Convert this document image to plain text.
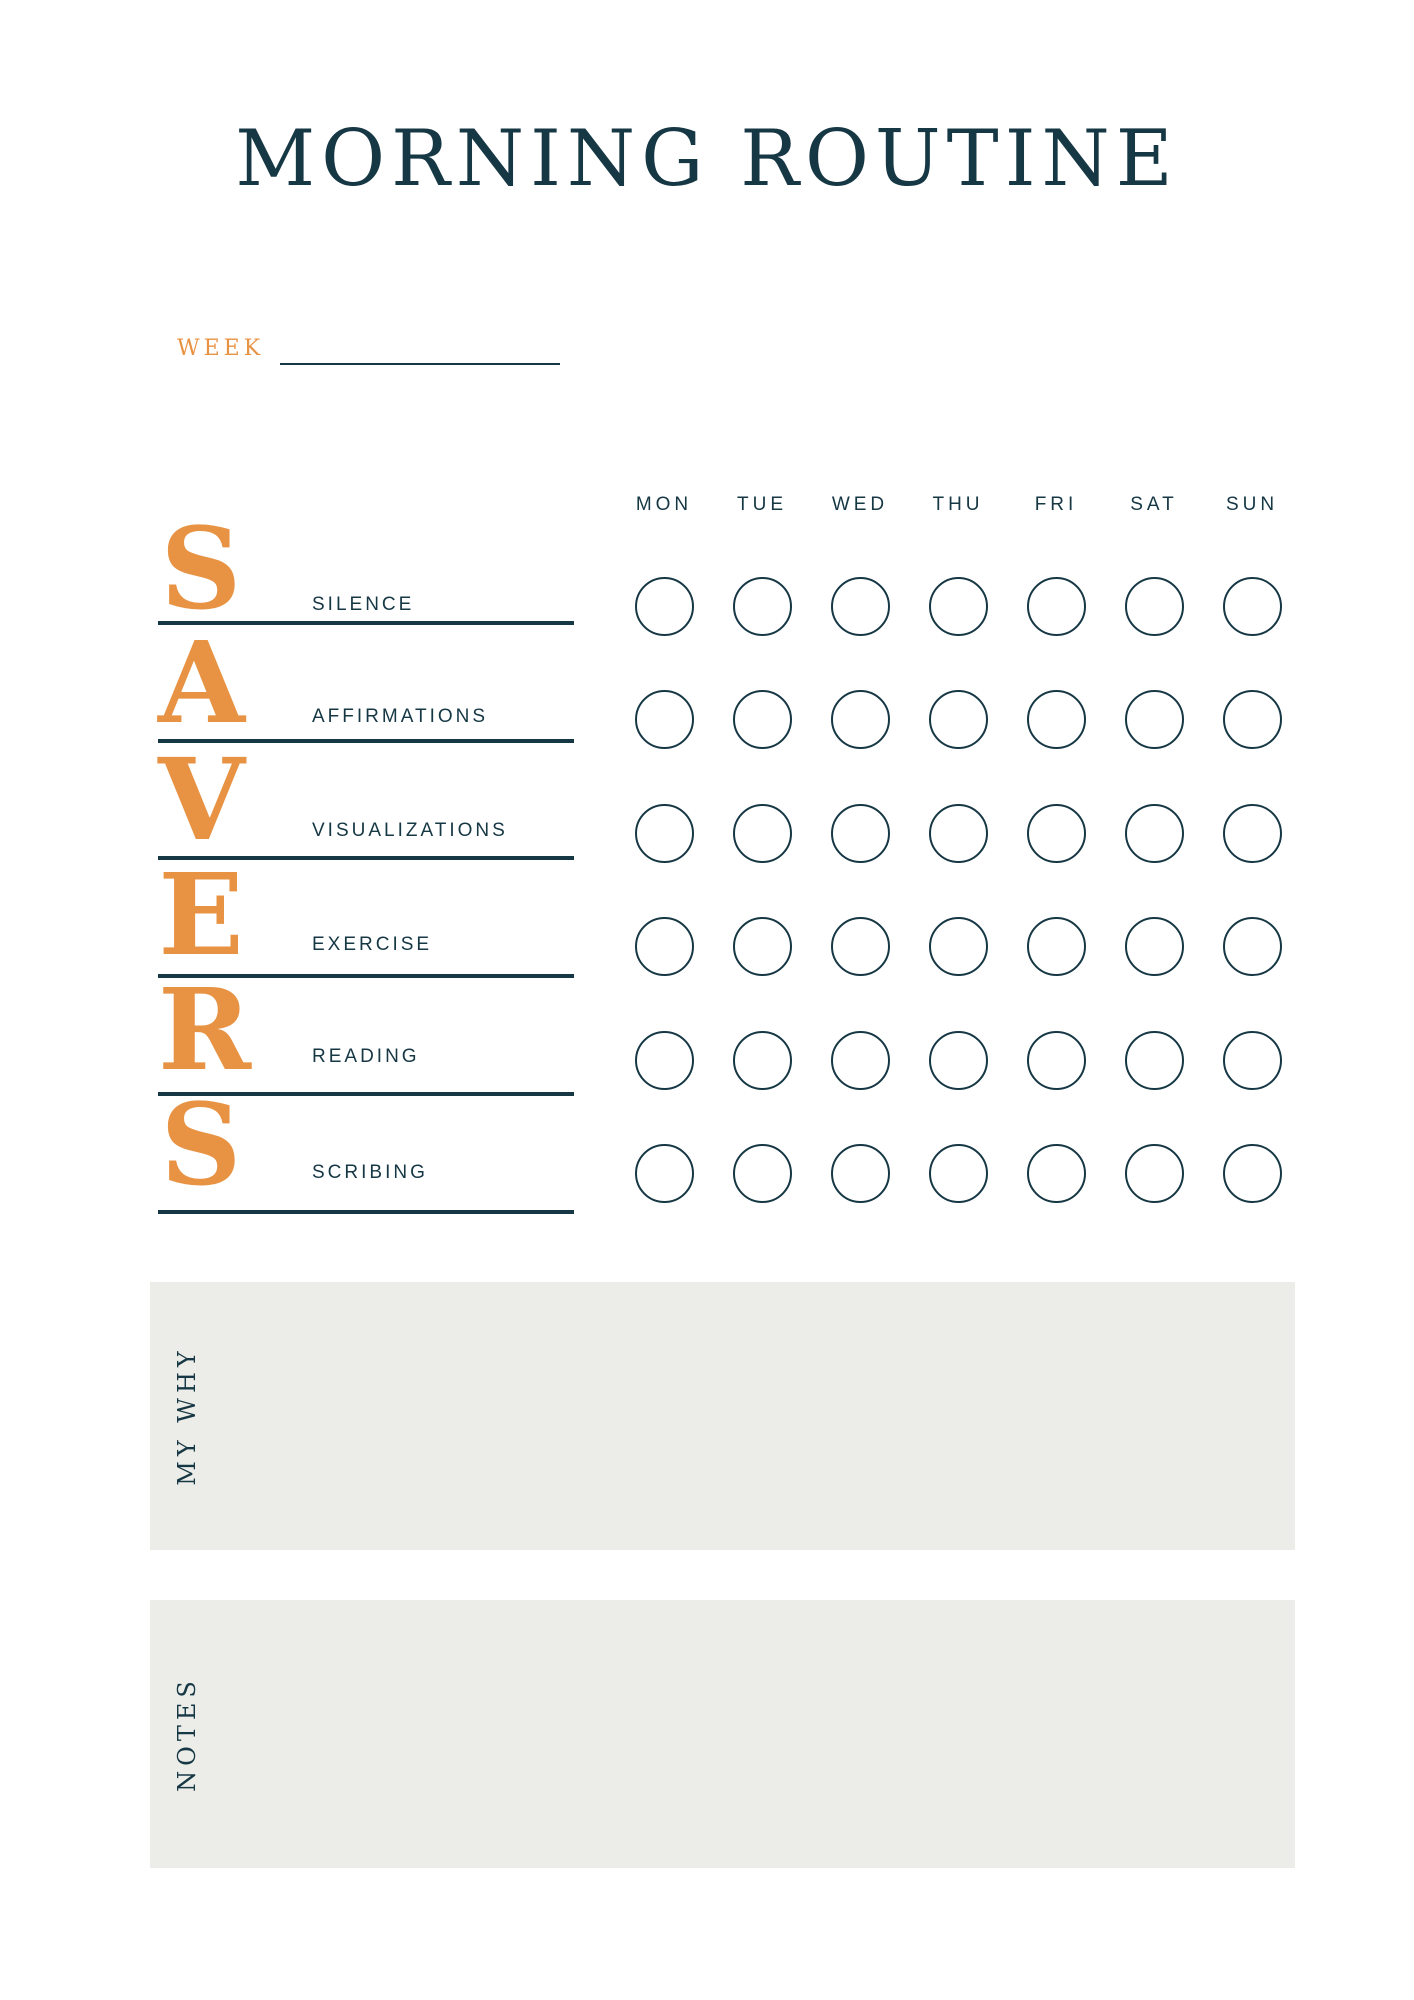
MORNING ROUTINE
WEEK
MON	TUE	WED	THU	FRI	SAT	SUN
S	SILENCE
A	AFFIRMATIONS
V	VISUALIZATIONS
E	EXERCISE
R	READING
S	SCRIBING
MY WHY
NOTES
